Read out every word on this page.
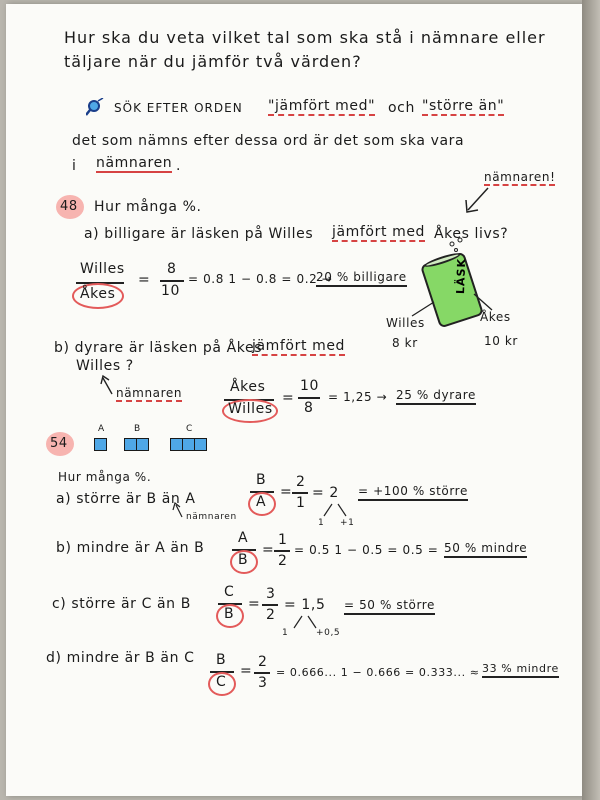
Hur ska du veta vilket tal som ska stå i nämnare eller
täljare när du jämför två värden?
SÖK EFTER ORDEN "jämfört med" och "större än"
det som nämns efter dessa ord är det som ska vara
i nämnaren .
48 Hur många %.
nämnaren!
a) billigare är läsken på Willes jämfört med Åkes livs?
Willes
Åkes
=
8
10
= 0.8 1 − 0.8 = 0.2 →
20 % billigare	LÄSK
Willes
8 kr
Åkes
10 kr
b) dyrare är läsken på Åkes
jämfört med
Willes ?
nämnaren	Åkes
Willes
=
10
8
= 1,25 → 25 % dyrare
54
A	B	C
Hur många %.
a) större är B än A
nämnaren
B
A
=
2
1
= 2
1 +1
= +100 % större
b) mindre är A än B
A
B
=
1
2
= 0.5 1 − 0.5 = 0.5 = 50 % mindre
c) större är C än B
C
B
=
3
2
= 1,5
1	+0,5
= 50 % större
d) mindre är B än C B
C
=
2
3
= 0.666... 1 − 0.666 = 0.333... ≈ 33 % mindre
